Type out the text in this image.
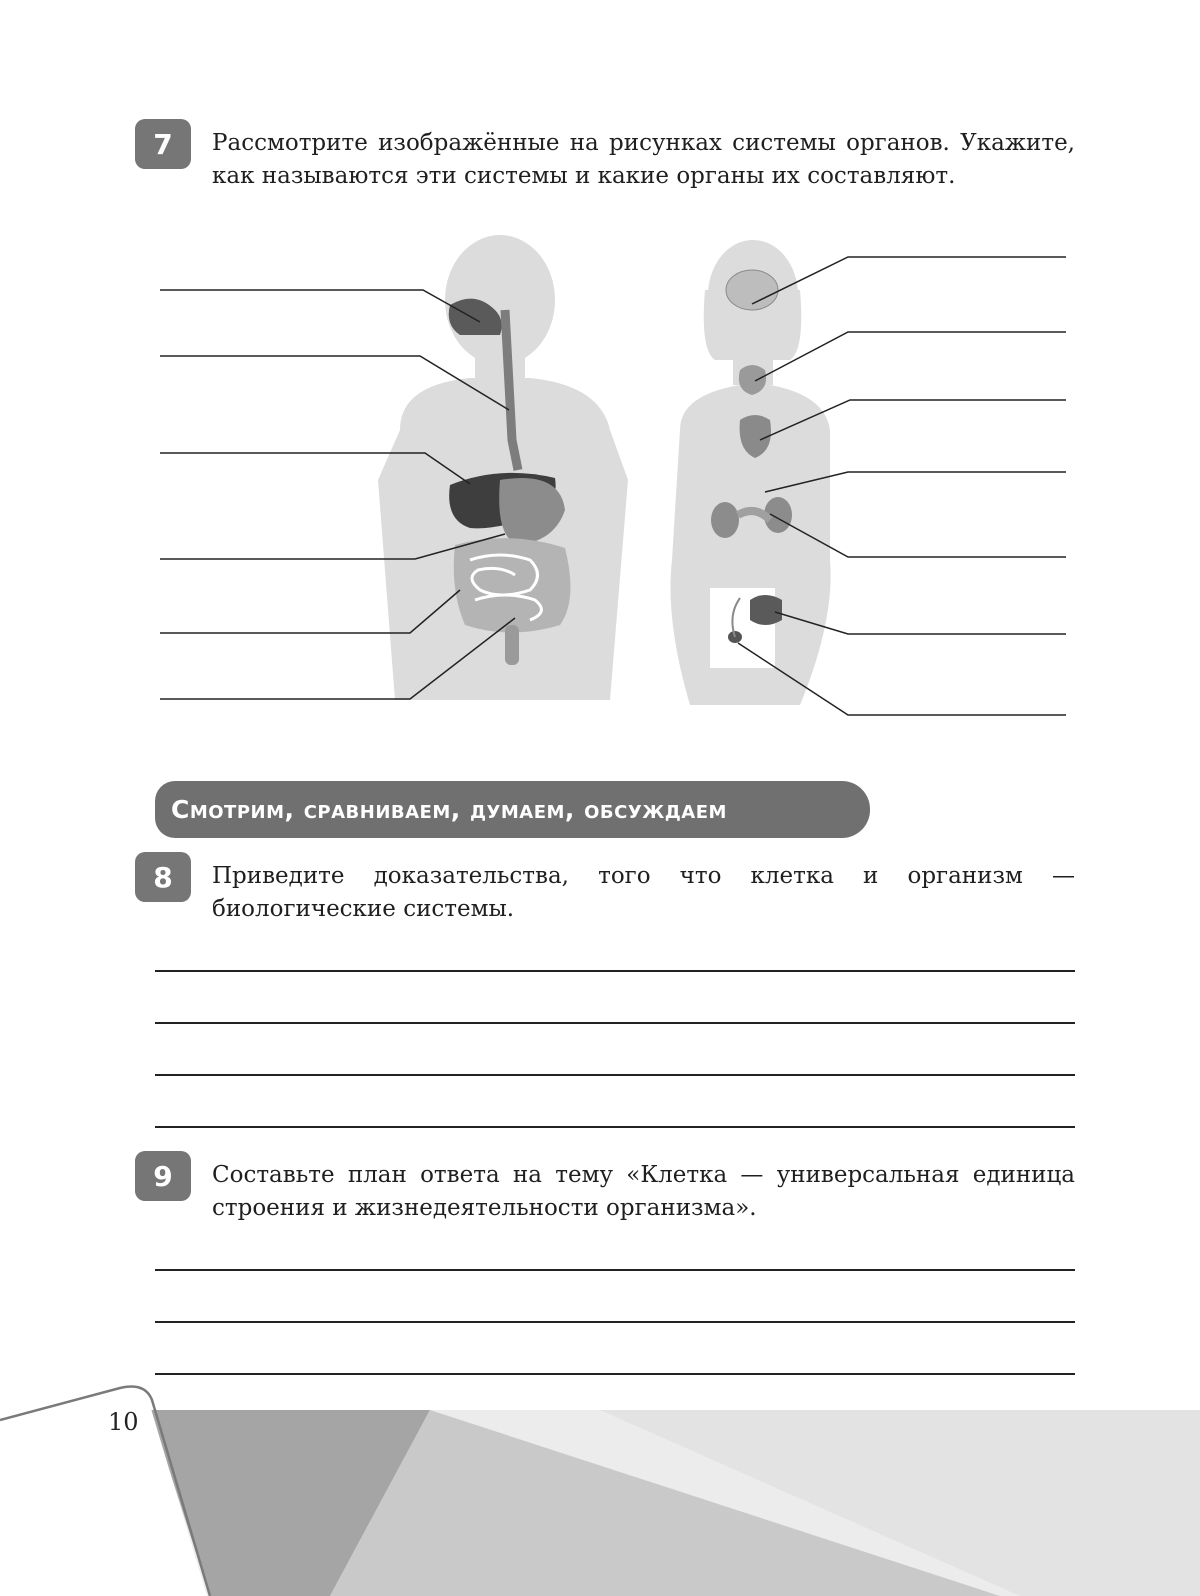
7	Рассмотрите изображённые на рисунках системы органов. Укажите, как называются эти системы и какие органы их составляют.
Смотрим, сравниваем, думаем, обсуждаем
8	Приведите доказательства, того что клетка и организм — биологические системы.
9	Составьте план ответа на тему «Клетка — универсальная единица строения и жизнедеятельности организма».
10
